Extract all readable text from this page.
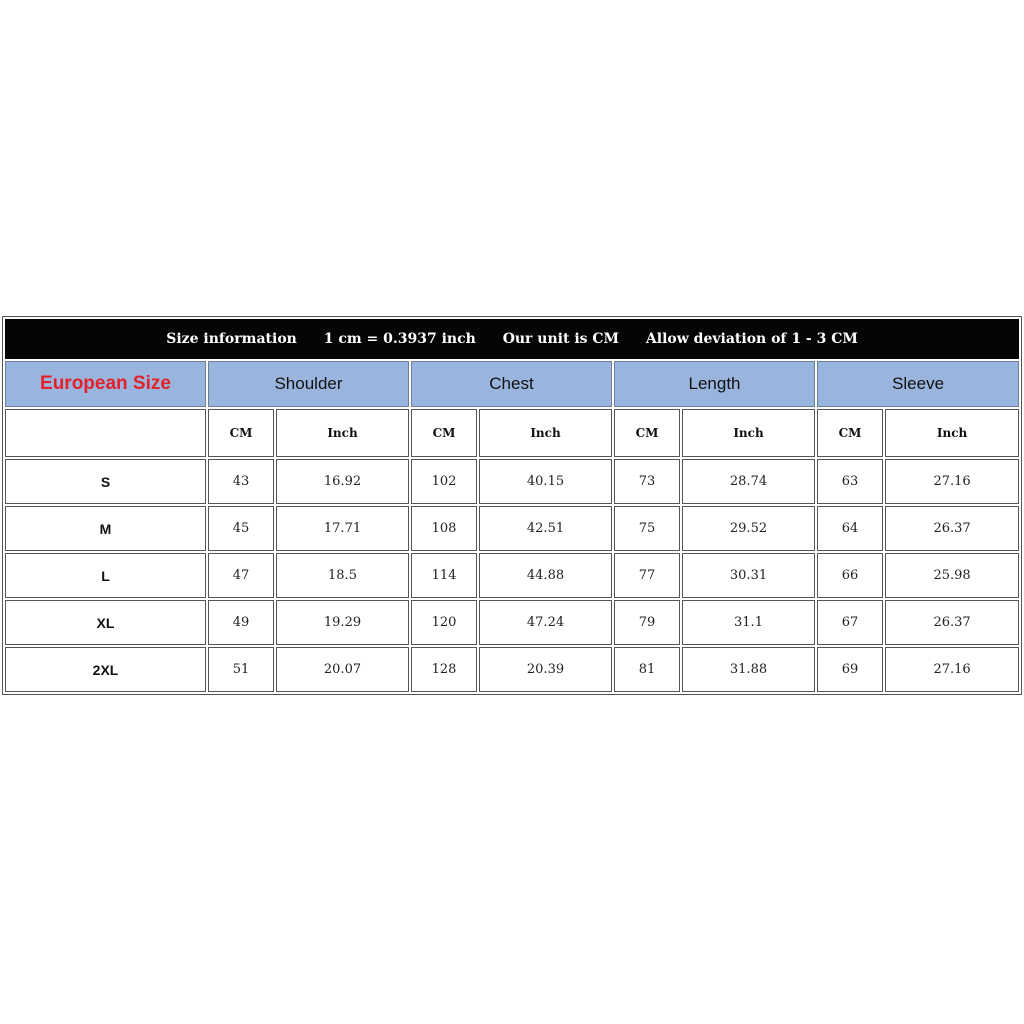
Size information 1 cm = 0.3937 inch Our unit is CM Allow deviation of 1 - 3 CM								
European Size	Shoulder		Chest		Length		Sleeve	
	CM	Inch	CM	Inch	CM	Inch	CM	Inch
S	43	16.92	102	40.15	73	28.74	63	27.16
M	45	17.71	108	42.51	75	29.52	64	26.37
L	47	18.5	114	44.88	77	30.31	66	25.98
XL	49	19.29	120	47.24	79	31.1	67	26.37
2XL	51	20.07	128	20.39	81	31.88	69	27.16
